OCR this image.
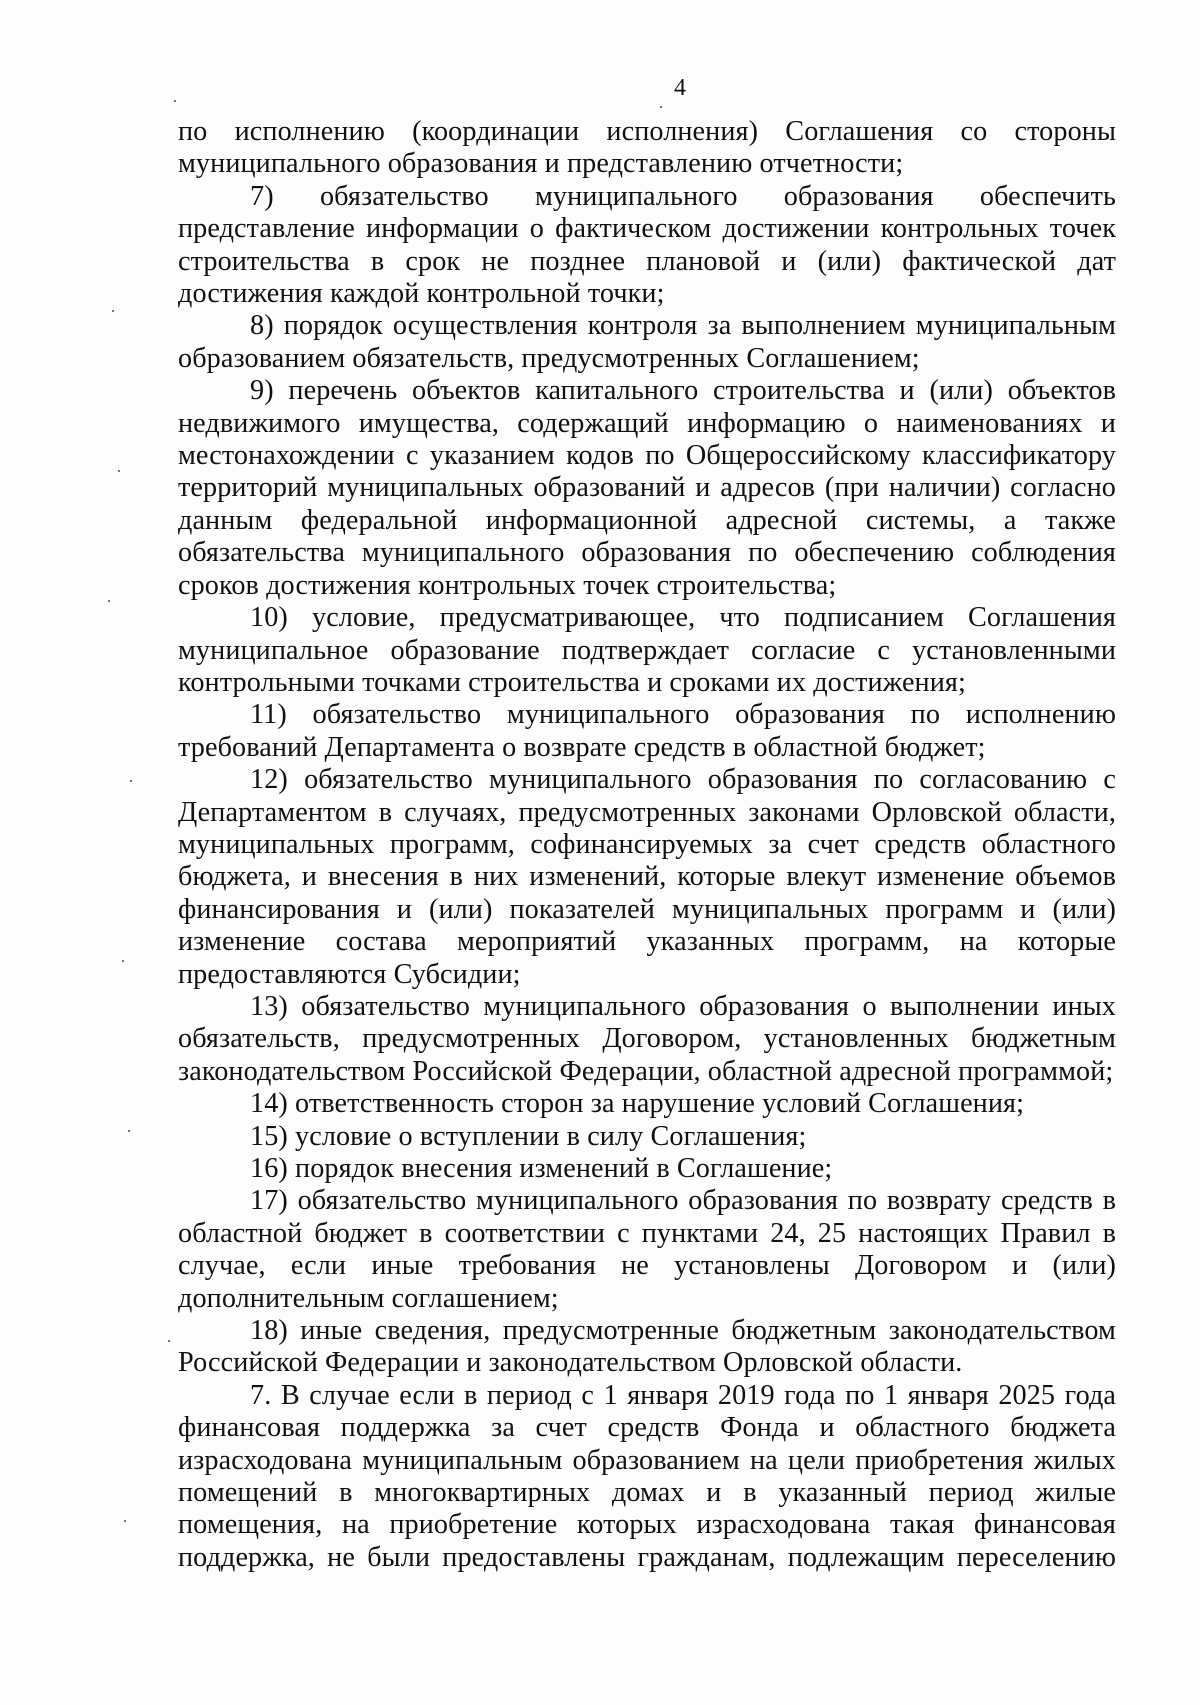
4

по исполнению (координации исполнения) Соглашения со стороны муниципального образования и представлению отчетности;

7) обязательство муниципального образования обеспечить представление информации о фактическом достижении контрольных точек строительства в срок не позднее плановой и (или) фактической дат достижения каждой контрольной точки;

8) порядок осуществления контроля за выполнением муниципальным образованием обязательств, предусмотренных Соглашением;

9) перечень объектов капитального строительства и (или) объектов недвижимого имущества, содержащий информацию о наименованиях и местонахождении с указанием кодов по Общероссийскому классификатору территорий муниципальных образований и адресов (при наличии) согласно данным федеральной информационной адресной системы, а также обязательства муниципального образования по обеспечению соблюдения сроков достижения контрольных точек строительства;

10) условие, предусматривающее, что подписанием Соглашения муниципальное образование подтверждает согласие с установленными контрольными точками строительства и сроками их достижения;

11) обязательство муниципального образования по исполнению требований Департамента о возврате средств в областной бюджет;

12) обязательство муниципального образования по согласованию с Департаментом в случаях, предусмотренных законами Орловской области, муниципальных программ, софинансируемых за счет средств областного бюджета, и внесения в них изменений, которые влекут изменение объемов финансирования и (или) показателей муниципальных программ и (или) изменение состава мероприятий указанных программ, на которые предоставляются Субсидии;

13) обязательство муниципального образования о выполнении иных обязательств, предусмотренных Договором, установленных бюджетным законодательством Российской Федерации, областной адресной программой;

14) ответственность сторон за нарушение условий Соглашения;

15) условие о вступлении в силу Соглашения;

16) порядок внесения изменений в Соглашение;

17) обязательство муниципального образования по возврату средств в областной бюджет в соответствии с пунктами 24, 25 настоящих Правил в случае, если иные требования не установлены Договором и (или) дополнительным соглашением;

18) иные сведения, предусмотренные бюджетным законодательством Российской Федерации и законодательством Орловской области.

7. В случае если в период с 1 января 2019 года по 1 января 2025 года финансовая поддержка за счет средств Фонда и областного бюджета израсходована муниципальным образованием на цели приобретения жилых помещений в многоквартирных домах и в указанный период жилые помещения, на приобретение которых израсходована такая финансовая поддержка, не были предоставлены гражданам, подлежащим переселению
